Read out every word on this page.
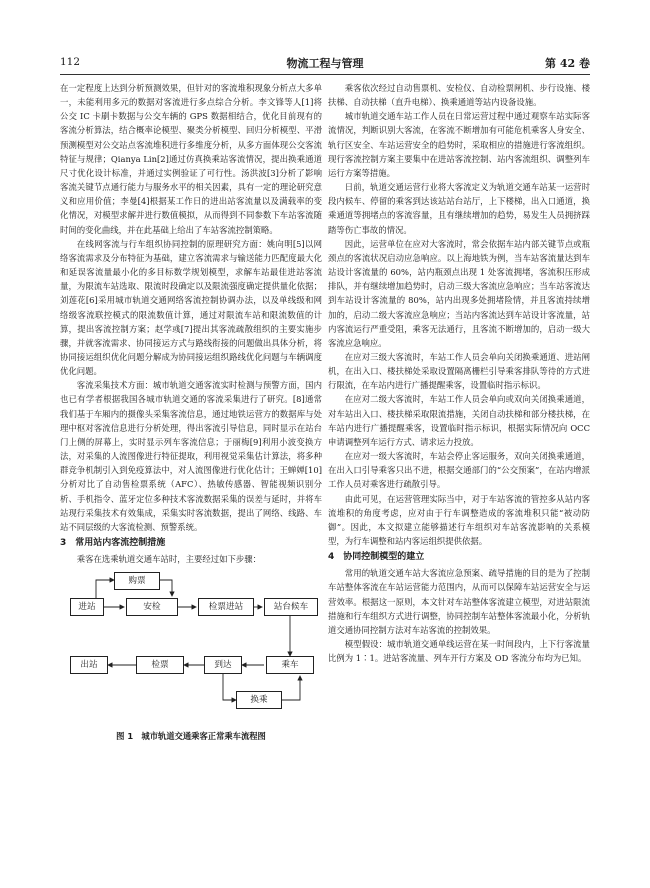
112	物流工程与管理	第 42 卷

在一定程度上达到分析预测效果，但针对的客流堆积现象分析点大多单一，未能利用多元的数据对客流进行多点综合分析。李文锋等人[1]将公交 IC 卡刷卡数据与公交车辆的 GPS 数据相结合，优化目前现有的客流分析算法，结合概率论模型、聚类分析模型、回归分析模型、平滑预测模型对公交站点客流堆积进行多维度分析，从多方面体现公交客流特征与规律；Qianya Lin[2]通过仿真换乘站客流情况，提出换乘通道尺寸优化设计标准，并通过实例验证了可行性。汤洪波[3]分析了影响客流关键节点通行能力与服务水平的相关因素，具有一定的理论研究意义和应用价值；李曼[4]根据某工作日的进出站客流量以及满载率的变化情况，对模型求解并进行数值模拟，从而得到不同参数下车站客流随时间的变化曲线，并在此基础上给出了车站客流控制策略。

在线网客流与行车组织协同控制的原理研究方面：姚向明[5]以网络客流需求及分布特征为基础，建立客流需求与输送能力匹配度最大化和延误客流量最小化的多目标数学规划模型，求解车站最佳进站客流量，为限流车站选取、限流时段确定以及限流强度确定提供量化依据；刘莲花[6]采用城市轨道交通网络客流控制协调办法，以及单线级和网络级客流联控模式的限流数值计算，通过对限流车站和限流数值的计算，提出客流控制方案；赵学彧[7]提出其客流疏散组织的主要实施步骤，并就客流需求、协同接运方式与路线衔接的问题做出具体分析，将协同接运组织优化问题分解成为协同接运组织路线优化问题与车辆调度优化问题。

客流采集技术方面：城市轨道交通客流实时检测与预警方面，国内也已有学者根据我国各城市轨道交通的客流采集进行了研究。[8]通常我们基于车厢内的摄像头采集客流信息，通过地铁运营方的数据库与处理中枢对客流信息进行分析处理，得出客流引导信息，同时显示在站台门上侧的屏幕上，实时显示列车客流信息；于丽梅[9]利用小波变换方法，对采集的人流图像进行特征提取，利用视觉采集估计算法，将多种群竞争机制引入到免疫算法中，对人流图像进行优化估计；王蝉婵[10]分析对比了自动售检票系统（AFC）、热敏传感器、智能视频识别分析、手机指令、蓝牙定位多种技术客流数据采集的误差与延时，并将车站现行采集技术有效集成，采集实时客流数据，提出了网络、线路、车站不同层级的大客流检测、预警系统。

3　常用站内客流控制措施

乘客在选乘轨道交通车站时，主要经过如下步骤：

购票
进站	安检	检票进站	站台候车
出站	检票	到达	乘车
换乘
图 1　城市轨道交通乘客正常乘车流程图

乘客依次经过自动售票机、安检仪、自动检票闸机、步行设施、楼扶梯、自动扶梯（直升电梯）、换乘通道等站内设备设施。

城市轨道交通车站工作人员在日常运营过程中通过观察车站实际客流情况，判断识别大客流，在客流不断增加有可能危机乘客人身安全、轨行区安全、车站运营安全的趋势时，采取相应的措施进行客流组织。现行客流控制方案主要集中在进站客流控制、站内客流组织、调整列车运行方案等措施。

日前，轨道交通运营行业将大客流定义为轨道交通车站某一运营时段内候车、停留的乘客到达该站站台站厅，上下楼梯，出入口通道，换乘通道等拥堵点的客流容量，且有继续增加的趋势，易发生人员拥挤踩踏等伤亡事故的情况。

因此，运营单位在应对大客流时，常会依据车站内部关键节点或瓶颈点的客流状况启动应急响应。以上海地铁为例，当车站客流量达到车站设计客流量的 60%，站内瓶颈点出现 1 处客流拥堵，客流积压形成排队，并有继续增加趋势时，启动三级大客流应急响应；当车站客流达到车站设计客流量的 80%，站内出现多处拥堵险情，并且客流持续增加的，启动二级大客流应急响应；当站内客流达到车站设计客流量，站内客流运行严重受阻，乘客无法通行，且客流不断增加的，启动一级大客流应急响应。

在应对三级大客流时，车站工作人员会单向关闭换乘通道、进站闸机，在出入口、楼扶梯处采取设置隔离栅栏引导乘客排队等待的方式进行限流，在车站内进行广播提醒乘客，设置临时指示标识。

在应对二级大客流时，车站工作人员会单向或双向关闭换乘通道，对车站出入口、楼扶梯采取限流措施，关闭自动扶梯和部分楼扶梯，在车站内进行广播提醒乘客，设置临时指示标识，根据实际情况向 OCC 申请调整列车运行方式、请求运力投放。

在应对一级大客流时，车站会停止客运服务，双向关闭换乘通道，在出入口引导乘客只出不进，根据交通部门的“公交预案”，在站内增派工作人员对乘客进行疏散引导。

由此可见，在运营管理实际当中，对于车站客流的管控多从站内客流堆积的角度考虑，应对由于行车调整造成的客流堆积只能“被动防御”。因此，本文拟建立能够描述行车组织对车站客流影响的关系模型，为行车调整和站内客运组织提供依据。

4　协同控制模型的建立

常用的轨道交通车站大客流应急预案、疏导措施的目的是为了控制车站整体客流在车站运营能力范围内，从而可以保障车站运营安全与运营效率。根据这一原则，本文针对车站整体客流建立模型，对进站限流措施和行车组织方式进行调整，协同控制车站整体客流最小化，分析轨道交通协同控制方法对车站客流的控制效果。

模型假设：城市轨道交通单线运营在某一时间段内，上下行客流量比例为 1∶1。进站客流量、列车开行方案及 OD 客流分布均为已知。
